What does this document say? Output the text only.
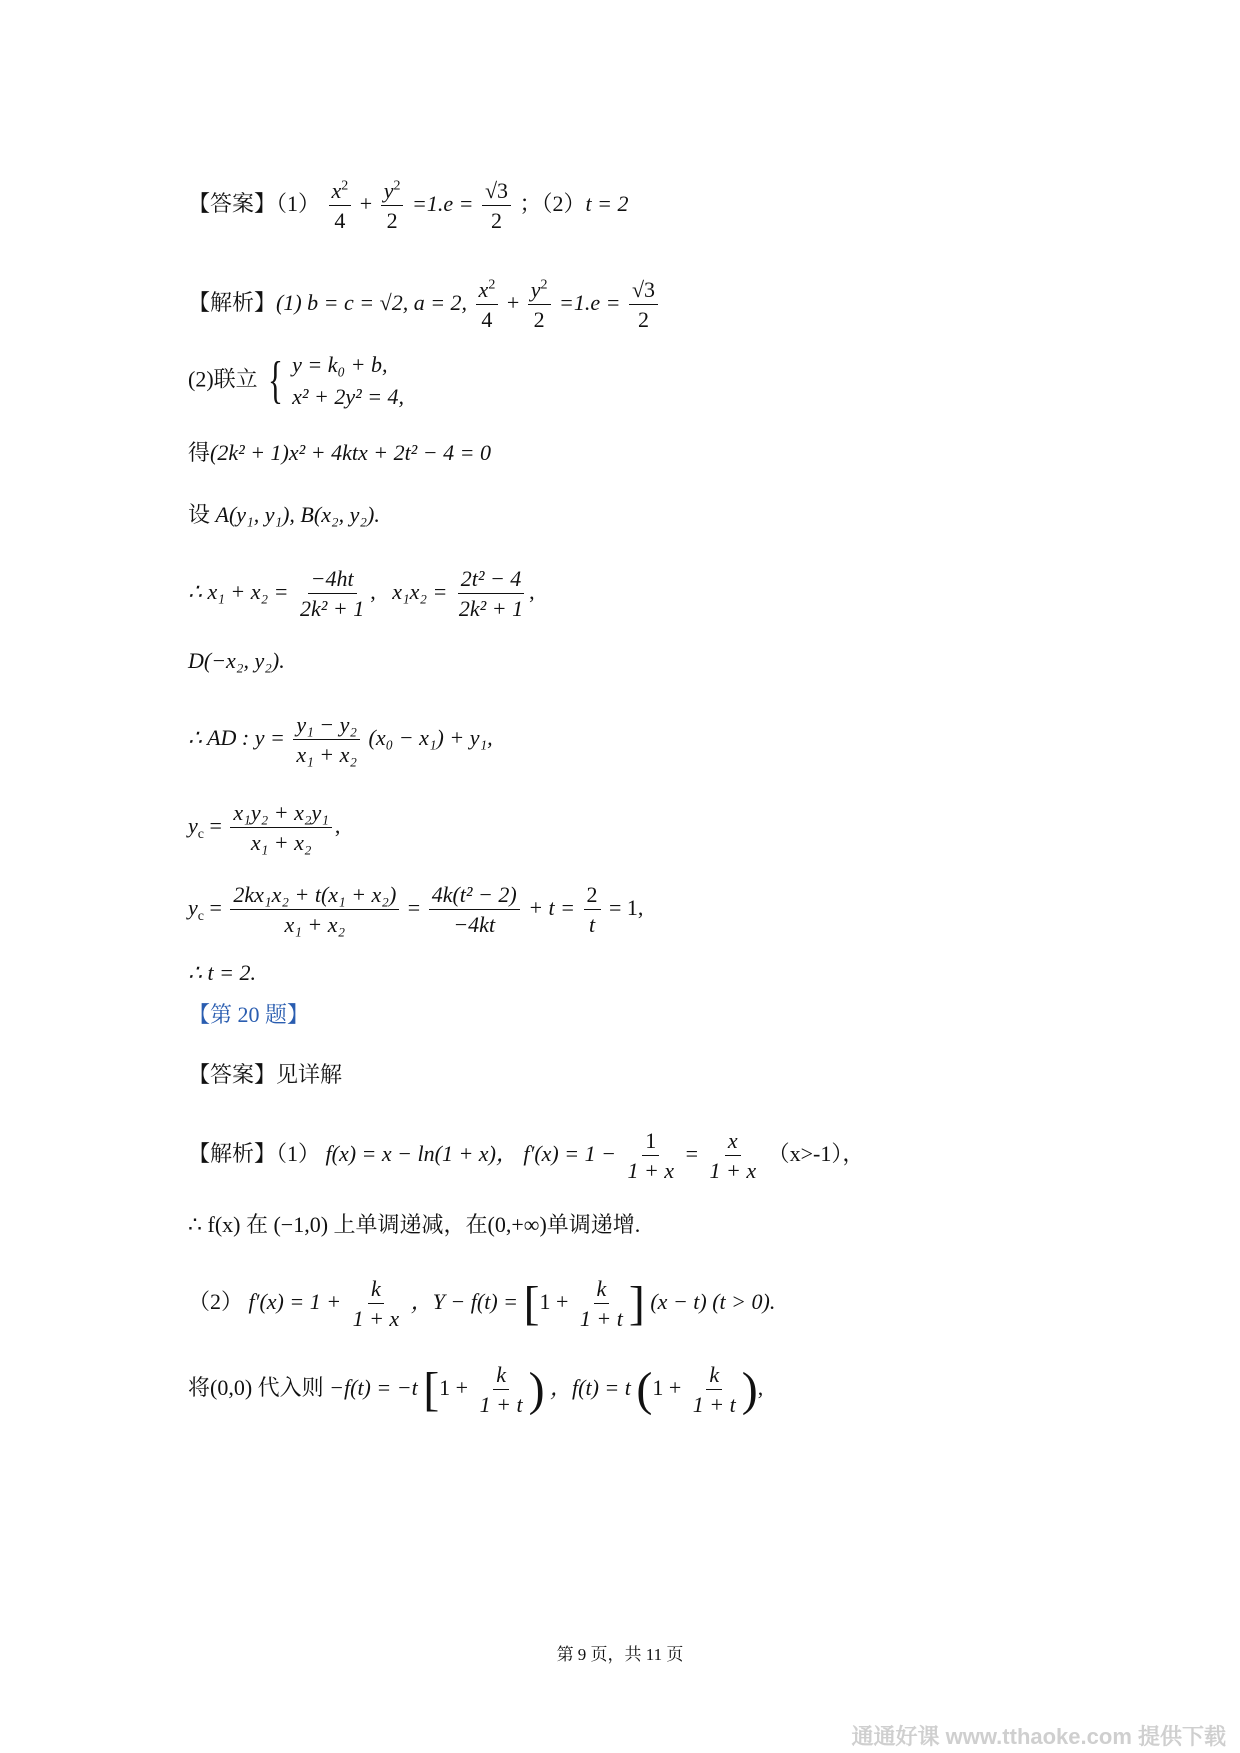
【答案】$(1) \frac{x^2}{4} + \frac{y^2}{2} =1.e = \frac{√3}{2}$ ；（2）t = 2
【解析】(1) b = c = √2, a = 2, $\frac{x^2}{4} + \frac{y^2}{2} =1.e = \frac{√3}{2}$
(2)联立 { y = k₀ + b,
x² + 2y² = 4,
得(2k² + 1)x² + 4ktx + 2t² − 4 = 0
设 A(y₁, y₁), B(x₂, y₂).
∴ $x_1 + x_2 = \frac{-4ht}{\text{2k² + 1}}$ ,   $x_1x_2 = \frac{\text{2t² − 4}}{\text{2k² + 1}}$ ,
D(−x₂, y₂).
∴ AD : $y = \frac{\text{y₁ − y₂}}{\text{x₁ + x₂}} (x_0 - x_1) + y_1$,
$y_c = \frac{\text{x₁y₂ + x₂y₁}}{\text{x₁ + x₂}}$ ,
$y_c = \frac{\text{2kx₁x₂ + t(x₁ + x₂)}}{\text{x₁ + x₂}} = \frac{\text{4k(t² − 2)}}{-4kt} + t = \frac{2}{t} = 1$,
∴ t = 2.
【第 20 题】
【答案】见详解
【解析】（1） f(x) = x − ln(1 + x)， $f'(x) = 1 - \frac{1}{1 + x} = \frac{x}{1 + x} (x>-1)$，
∴ f(x) 在 (−1,0) 上单调递减，在(0,+∞)单调递增.
（2） $f'(x) = 1 + \frac{k}{1 + x}$ ，$Y - f(t) = [1 + \frac{k}{1 + t}$ ] (x − t) (t > 0).
将(0,0) 代入则 −f(t) = −t [$1 + \frac{k}{1 + t}$ ) ，f(t) = t ($1 + \frac{k}{1 + t}$ ),
第 9 页，共 11 页
通通好课 www.tthaoke.com 提供下载
